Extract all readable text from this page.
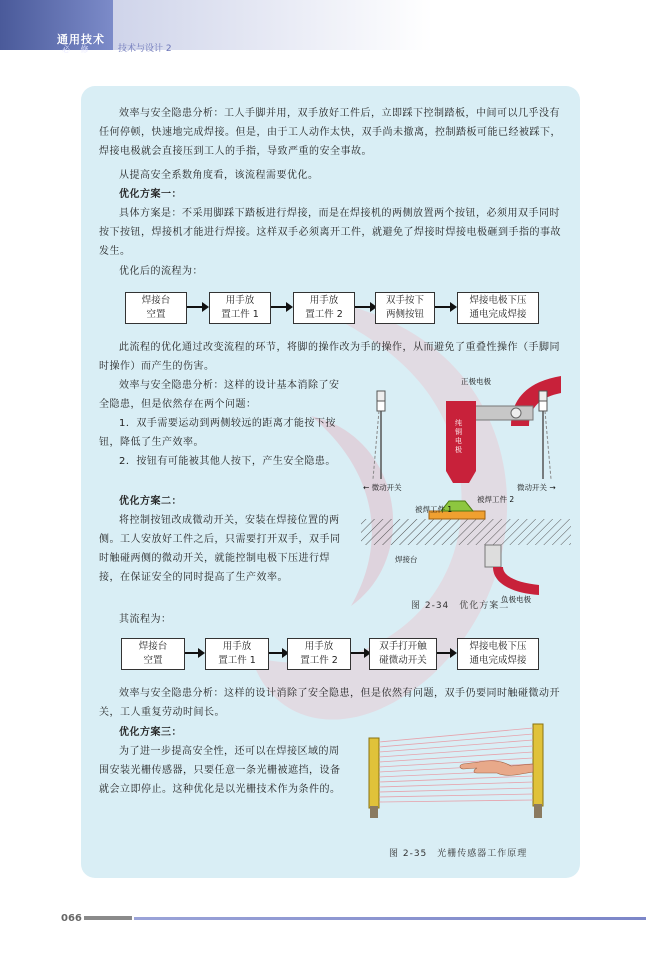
通用技术
必 修	技术与设计 2

效率与安全隐患分析：工人手脚并用，双手放好工件后，立即踩下控制踏板，中间可以几乎没有任何停顿，快速地完成焊接。但是，由于工人动作太快，双手尚未撤离，控制踏板可能已经被踩下，焊接电极就会直接压到工人的手指，导致严重的安全事故。

从提高安全系数角度看，该流程需要优化。

优化方案一：

具体方案是：不采用脚踩下踏板进行焊接，而是在焊接机的两侧放置两个按钮，必须用双手同时按下按钮，焊接机才能进行焊接。这样双手必须离开工件，就避免了焊接时焊接电极砸到手指的事故发生。

优化后的流程为：

焊接台
空置
用手放
置工件 1
用手放
置工件 2
双手按下
两侧按钮
焊接电极下压
通电完成焊接

此流程的优化通过改变流程的环节，将脚的操作改为手的操作，从而避免了重叠性操作（手脚同时操作）而产生的伤害。

效率与安全隐患分析：这样的设计基本消除了安全隐患，但是依然存在两个问题：

1．双手需要运动到两侧较远的距离才能按下按钮，降低了生产效率。

2．按钮有可能被其他人按下，产生安全隐患。

优化方案二：

将控制按钮改成微动开关，安装在焊接位置的两侧。工人安放好工件之后，只需要打开双手，双手同时触碰两侧的微动开关，就能控制电极下压进行焊接，在保证安全的同时提高了生产效率。

其流程为：

正极电极
纯铜电极
← 微动开关	微动开关 →
被焊工件 1
被焊工件 2
焊接台
负极电极
图 2-34　优化方案二
焊接台
空置
用手放
置工件 1
用手放
置工件 2
双手打开触
碰微动开关
焊接电极下压
通电完成焊接

效率与安全隐患分析：这样的设计消除了安全隐患，但是依然有问题，双手仍要同时触碰微动开关，工人重复劳动时间长。

优化方案三：

为了进一步提高安全性，还可以在焊接区域的周围安装光栅传感器，只要任意一条光栅被遮挡，设备就会立即停止。这种优化是以光栅技术作为条件的。

图 2-35　光栅传感器工作原理
066
